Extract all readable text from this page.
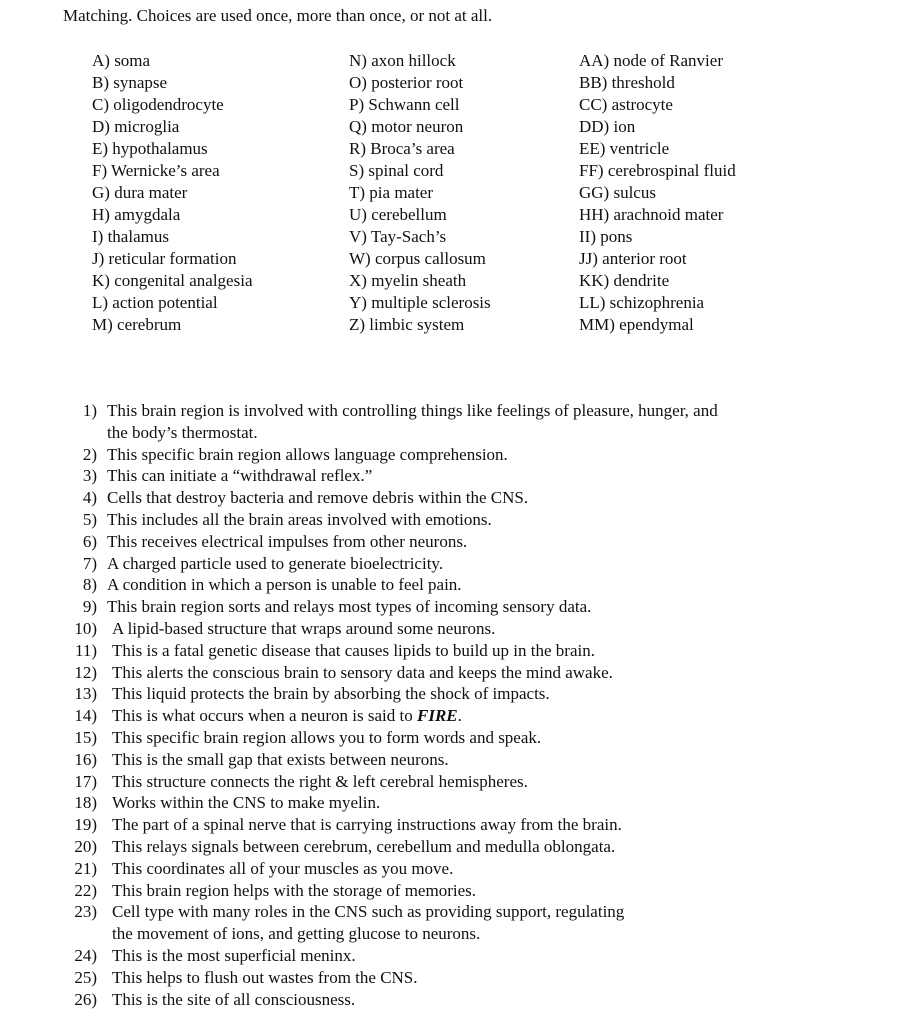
Matching. Choices are used once, more than once, or not at all.
A) soma
B) synapse
C) oligodendrocyte
D) microglia
E) hypothalamus
F) Wernicke’s area
G) dura mater
H) amygdala
I) thalamus
J) reticular formation
K) congenital analgesia
L) action potential
M) cerebrum
N) axon hillock
O) posterior root
P) Schwann cell
Q) motor neuron
R) Broca’s area
S) spinal cord
T) pia mater
U) cerebellum
V) Tay-Sach’s
W) corpus callosum
X) myelin sheath
Y) multiple sclerosis
Z) limbic system
AA) node of Ranvier
BB) threshold
CC) astrocyte
DD) ion
EE) ventricle
FF) cerebrospinal fluid
GG) sulcus
HH) arachnoid mater
II) pons
JJ) anterior root
KK) dendrite
LL) schizophrenia
MM) ependymal
1) This brain region is involved with controlling things like feelings of pleasure, hunger, and
the body’s thermostat.
2) This specific brain region allows language comprehension.
3) This can initiate a “withdrawal reflex.”
4) Cells that destroy bacteria and remove debris within the CNS.
5) This includes all the brain areas involved with emotions.
6) This receives electrical impulses from other neurons.
7) A charged particle used to generate bioelectricity.
8) A condition in which a person is unable to feel pain.
9) This brain region sorts and relays most types of incoming sensory data.
10) A lipid-based structure that wraps around some neurons.
11) This is a fatal genetic disease that causes lipids to build up in the brain.
12) This alerts the conscious brain to sensory data and keeps the mind awake.
13) This liquid protects the brain by absorbing the shock of impacts.
14) This is what occurs when a neuron is said to FIRE.
15) This specific brain region allows you to form words and speak.
16) This is the small gap that exists between neurons.
17) This structure connects the right & left cerebral hemispheres.
18) Works within the CNS to make myelin.
19) The part of a spinal nerve that is carrying instructions away from the brain.
20) This relays signals between cerebrum, cerebellum and medulla oblongata.
21) This coordinates all of your muscles as you move.
22) This brain region helps with the storage of memories.
23) Cell type with many roles in the CNS such as providing support, regulating
the movement of ions, and getting glucose to neurons.
24) This is the most superficial meninx.
25) This helps to flush out wastes from the CNS.
26) This is the site of all consciousness.
